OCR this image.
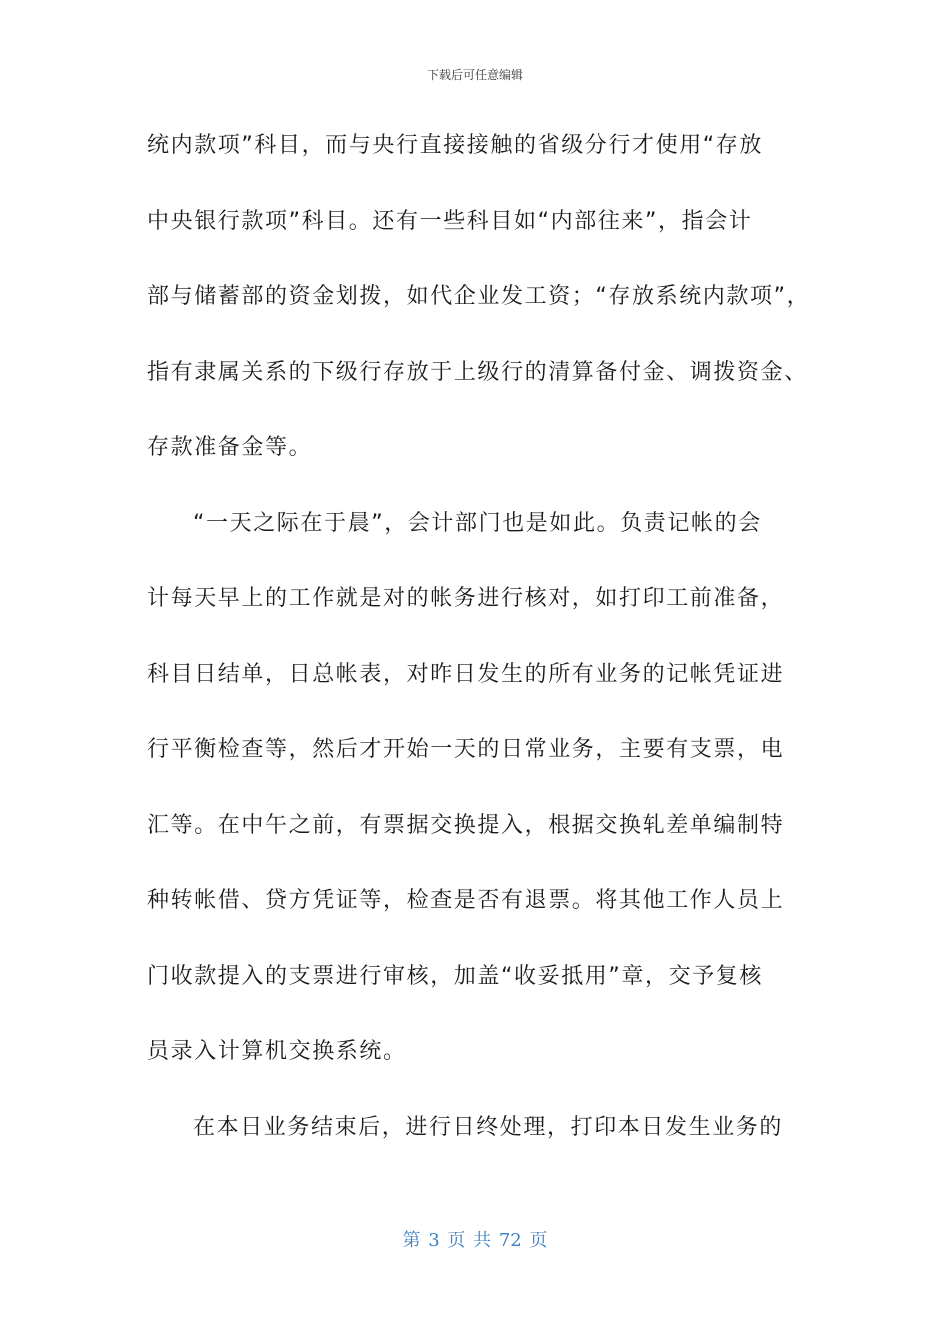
下载后可任意编辑
统内款项”科目，而与央行直接接触的省级分行才使用“存放
中央银行款项”科目。还有一些科目如“内部往来”，指会计
部与储蓄部的资金划拨，如代企业发工资；“存放系统内款项”，
指有隶属关系的下级行存放于上级行的清算备付金、调拨资金、
存款准备金等。
“一天之际在于晨”，会计部门也是如此。负责记帐的会
计每天早上的工作就是对的帐务进行核对，如打印工前准备，
科目日结单，日总帐表，对昨日发生的所有业务的记帐凭证进
行平衡检查等，然后才开始一天的日常业务，主要有支票，电
汇等。在中午之前，有票据交换提入，根据交换轧差单编制特
种转帐借、贷方凭证等，检查是否有退票。将其他工作人员上
门收款提入的支票进行审核，加盖“收妥抵用”章，交予复核
员录入计算机交换系统。
在本日业务结束后，进行日终处理，打印本日发生业务的
第 3 页 共 72 页
